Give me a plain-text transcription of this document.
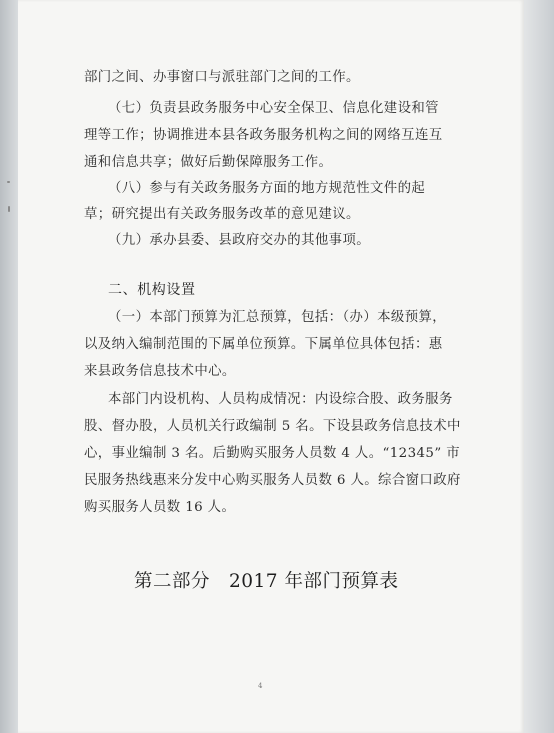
部门之间、办事窗口与派驻部门之间的工作。
（七）负责县政务服务中心安全保卫、信息化建设和管
理等工作；协调推进本县各政务服务机构之间的网络互连互
通和信息共享；做好后勤保障服务工作。
（八）参与有关政务服务方面的地方规范性文件的起
草；研究提出有关政务服务改革的意见建议。
（九）承办县委、县政府交办的其他事项。
二、机构设置
（一）本部门预算为汇总预算，包括：（办）本级预算，
以及纳入编制范围的下属单位预算。下属单位具体包括：惠
来县政务信息技术中心。
本部门内设机构、人员构成情况：内设综合股、政务服务
股、督办股，人员机关行政编制 5 名。下设县政务信息技术中
心，事业编制 3 名。后勤购买服务人员数 4 人。“12345” 市
民服务热线惠来分发中心购买服务人员数 6 人。综合窗口政府
购买服务人员数 16 人。
第二部分　2017 年部门预算表
4
